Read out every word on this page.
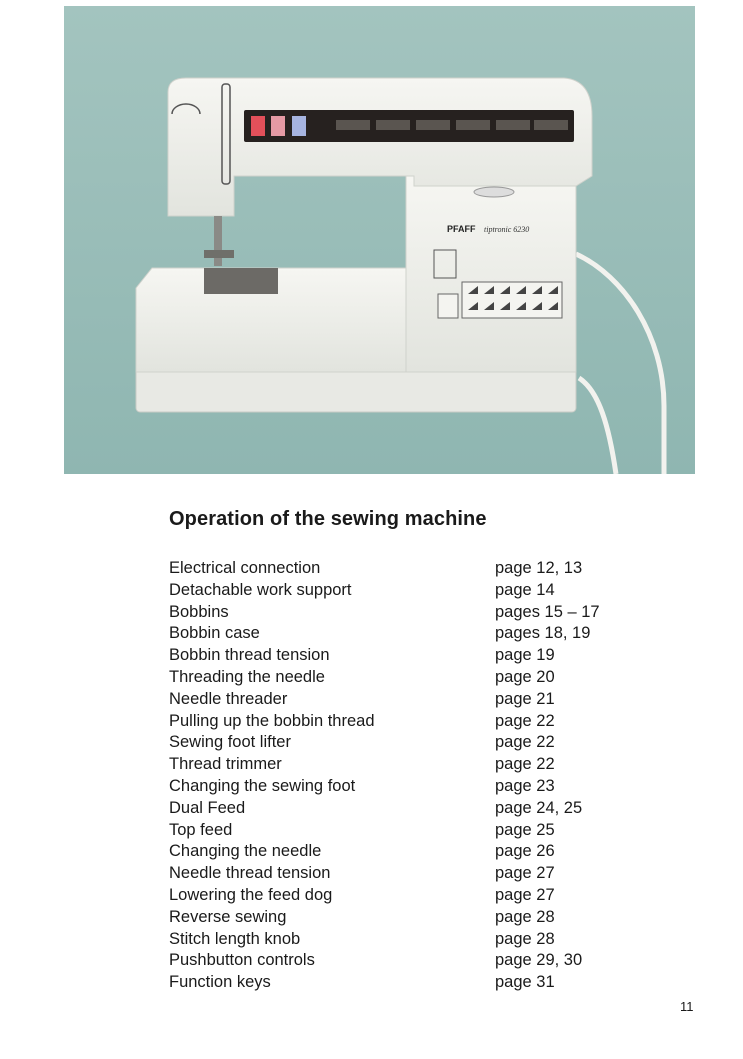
PFAFF tiptronic 6230
Operation of the sewing machine
Electrical connection	page 12, 13
Detachable work support	page 14
Bobbins	pages 15 – 17
Bobbin case	pages 18, 19
Bobbin thread tension	page 19
Threading the needle	page 20
Needle threader	page 21
Pulling up the bobbin thread	page 22
Sewing foot lifter	page 22
Thread trimmer	page 22
Changing the sewing foot	page 23
Dual Feed	page 24, 25
Top feed	page 25
Changing the needle	page 26
Needle thread tension	page 27
Lowering the feed dog	page 27
Reverse sewing	page 28
Stitch length knob	page 28
Pushbutton controls	page 29, 30
Function keys	page 31
11
